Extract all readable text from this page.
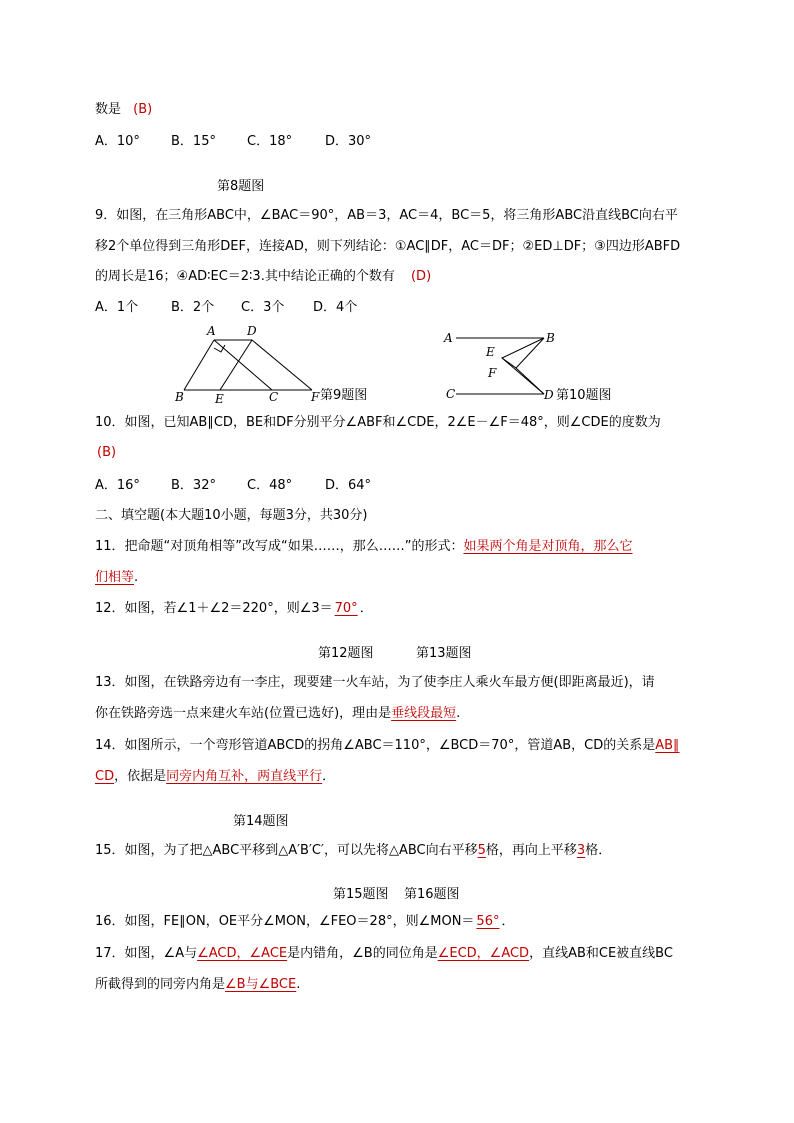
数是 (B)
A．10° B．15° C．18°	D．30°
第8题图
9．如图，在三角形ABC中，∠BAC＝90°，AB＝3，AC＝4，BC＝5，将三角形ABC沿直线BC向右平
移2个单位得到三角形DEF，连接AD，则下列结论：①AC∥DF，AC＝DF；②ED⊥DF；③四边形ABFD
的周长是16；④AD∶EC＝2∶3.其中结论正确的个数有 (D)
A．1个	B．2个 C．3个 D．4个
A	D
B	E	C	F 第9题图
A	B
E
F
C	D 第10题图
10．如图，已知AB∥CD，BE和DF分别平分∠ABF和∠CDE，2∠E－∠F＝48°，则∠CDE的度数为
(B)
A．16° B．32° C．48°	D．64°
二、填空题(本大题10小题，每题3分，共30分)
11．把命题“对顶角相等”改写成“如果……，那么……”的形式：如果两个角是对顶角，那么它
们相等.
12．如图，若∠1＋∠2＝220°，则∠3＝ 70° ．
第12题图	第13题图
13．如图，在铁路旁边有一李庄，现要建一火车站，为了使李庄人乘火车最方便(即距离最近)，请
你在铁路旁选一点来建火车站(位置已选好)，理由是垂线段最短.
14．如图所示，一个弯形管道ABCD的拐角∠ABC＝110°，∠BCD＝70°，管道AB，CD的关系是AB∥
CD，依据是同旁内角互补，两直线平行．
第14题图
15．如图，为了把△ABC平移到△A′B′C′，可以先将△ABC向右平移5格，再向上平移3格．
第15题图 第16题图
16．如图，FE∥ON，OE平分∠MON，∠FEO＝28°，则∠MON＝ 56° ．
17．如图，∠A与∠ACD，∠ACE是内错角，∠B的同位角是∠ECD，∠ACD，直线AB和CE被直线BC
所截得到的同旁内角是∠B与∠BCE.
